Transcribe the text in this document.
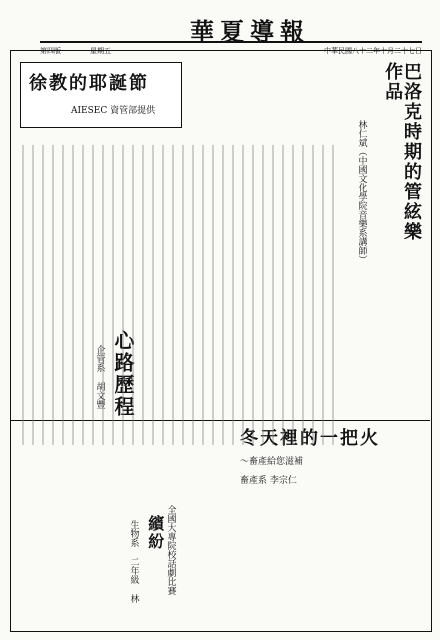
華夏導報
第四版	星期五	中華民國八十二年十月二十七日
巴洛克時期的管絃樂作品
林仁斌（中國文化學院音樂系講師）
徐教的耶誕節
AIESEC 資管部提供
冬天裡的一把火
～畜產給您滋補
畜產系 李宗仁
心路歷程
企管系 胡文豐
繽紛
生物系 二年級 林	全國大專院校話劇比賽
